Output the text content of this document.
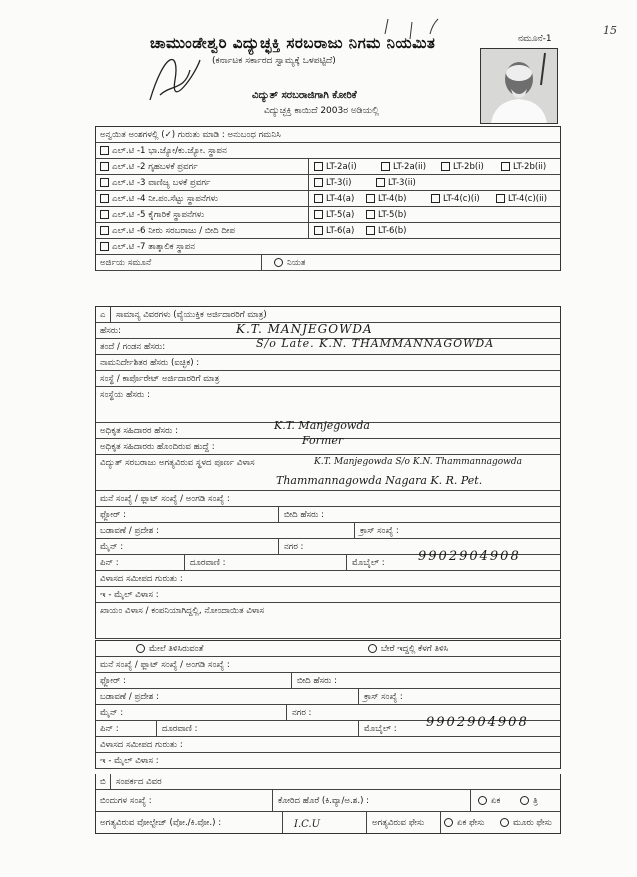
ಚಾಮುಂಡೇಶ್ವರಿ ವಿದ್ಯುಚ್ಛಕ್ತಿ ಸರಬರಾಜು ನಿಗಮ ನಿಯಮಿತ
(ಕರ್ನಾಟಕ ಸರ್ಕಾರದ ಸ್ವಾಮ್ಯಕ್ಕೆ ಒಳಪಟ್ಟಿದೆ)
ವಿದ್ಯುತ್ ಸರಬರಾಜಿಗಾಗಿ ಕೋರಿಕೆ
ವಿದ್ಯುಚ್ಛಕ್ತಿ ಕಾಯಿದೆ 2003ರ ಅಡಿಯಲ್ಲಿ
ನಮೂನೆ-1
15
ಅನ್ವಯಿತ ಅಂಶಗಳಲ್ಲಿ (✓) ಗುರುತು ಮಾಡಿ : ಅನುಬಂಧ ಗಮನಿಸಿ
ಎಲ್.ಟಿ -1 ಭಾ.ಜ್ಯೋ/ಕು.ಜ್ಯೋ. ಸ್ಥಾಪನ
ಎಲ್.ಟಿ -2 ಗೃಹಬಳಕೆ ಪ್ರವರ್ಗ	LT-2a(i)	LT-2a(ii)	LT-2b(i)	LT-2b(ii)
ಎಲ್.ಟಿ -3 ವಾಣಿಜ್ಯ ಬಳಕೆ ಪ್ರವರ್ಗ	LT-3(i)	LT-3(ii)
ಎಲ್.ಟಿ -4 ನೀ.ಪಂ.ಸೆಟ್ಟು ಸ್ಥಾಪನೆಗಳು	LT-4(a)	LT-4(b)	LT-4(c)(i)	LT-4(c)(ii)
ಎಲ್.ಟಿ -5 ಕೈಗಾರಿಕೆ ಸ್ಥಾಪನೆಗಳು	LT-5(a)	LT-5(b)
ಎಲ್.ಟಿ -6 ನೀರು ಸರಬರಾಜು / ಬೀದಿ ದೀಪ	LT-6(a)	LT-6(b)
ಎಲ್.ಟಿ -7 ತಾತ್ಕಾಲಿಕ ಸ್ಥಾಪನ
ಅರ್ಜಿಯ ಸಮೂನೆ	ನಿಯತ
ಎ ಸಾಮಾನ್ಯ ವಿವರಗಳು (ವ್ಯೆಯುಕ್ತಿಕ ಅರ್ಜಿದಾರರಿಗೆ ಮಾತ್ರ)
ಹೆಸರು:	K.T. MANJEGOWDA
ತಂದೆ / ಗಂಡನ ಹೆಸರು:	S/o Late. K.N. THAMMANNAGOWDA
ನಾಮನಿರ್ದೇಶಿತರ ಹೆಸರು (ಐಚ್ಛಿಕ) :
ಸಂಸ್ಥೆ / ಕಾರ್ಪೊರೇಟ್ ಅರ್ಜಿದಾರರಿಗೆ ಮಾತ್ರ
ಸಂಸ್ಥೆಯ ಹೆಸರು :
ಅಧಿಕೃತ ಸಹಿದಾರರ ಹೆಸರು :	K.T. Manjegowda
ಅಧಿಕೃತ ಸಹಿದಾರರು ಹೊಂದಿರುವ ಹುದ್ದೆ :	Former
ವಿದ್ಯುತ್ ಸರಬರಾಜು ಅಗತ್ಯವಿರುವ ಸ್ಥಳದ ಪೂರ್ಣ ವಿಳಾಸ	K.T. Manjegowda S/o K.N. Thammannagowda
Thammannagowda Nagara K. R. Pet.
ಮನೆ ಸಂಖ್ಯೆ / ಫ್ಲಾಟ್ ಸಂಖ್ಯೆ / ಅಂಗಡಿ ಸಂಖ್ಯೆ :
ಫ್ಲೋರ್ :	ಬೀದಿ ಹೆಸರು :
ಬಡಾವಣೆ / ಪ್ರದೇಶ :	ಕ್ರಾಸ್ ಸಂಖ್ಯೆ :
ಮೈನ್ :	ನಗರ :
ಪಿನ್ :	ದೂರವಾಣಿ :	ಮೊಬೈಲ್ :	9902904908
ವಿಳಾಸದ ಸಮೀಪದ ಗುರುತು :
ಇ - ಮೈಲ್ ವಿಳಾಸ :
ಖಾಯಂ ವಿಳಾಸ / ಕಂಪನಿಯಾಗಿದ್ದಲ್ಲಿ, ನೋಂದಾಯಿತ ವಿಳಾಸ
ಮೇಲೆ ತಿಳಿಸಿರುವಂತೆ	ಬೇರೆ ಇದ್ದಲ್ಲಿ ಕೆಳಗೆ ತಿಳಿಸಿ
ಮನೆ ಸಂಖ್ಯೆ / ಫ್ಲಾಟ್ ಸಂಖ್ಯೆ / ಅಂಗಡಿ ಸಂಖ್ಯೆ :
ಫ್ಲೋರ್ :	ಬೀದಿ ಹೆಸರು :
ಬಡಾವಣೆ / ಪ್ರದೇಶ :	ಕ್ರಾಸ್ ಸಂಖ್ಯೆ :
ಮೈನ್ :	ನಗರ :
ಪಿನ್ :	ದೂರವಾಣಿ :	ಮೊಬೈಲ್ : 9902904908
ವಿಳಾಸದ ಸಮೀಪದ ಗುರುತು :
ಇ - ಮೈಲ್ ವಿಳಾಸ :
ಬಿ ಸಂಪರ್ಕದ ವಿವರ
ಬಿಂದುಗಳ ಸಂಖ್ಯೆ :	ಕೋರಿದ ಹೊರೆ (ಕಿ.ವ್ಯಾ/ಅ.ಶ.) :	ಏಕ	ತ್ರಿ
ಅಗತ್ಯವಿರುವ ವೋಲ್ಟೇಜ್ (ವೋ./ಕಿ.ವೋ.) :	I.C.U	ಅಗತ್ಯವಿರುವ ಫೇಸು	ಏಕ ಫೇಸು	ಮೂರು ಫೇಸು
